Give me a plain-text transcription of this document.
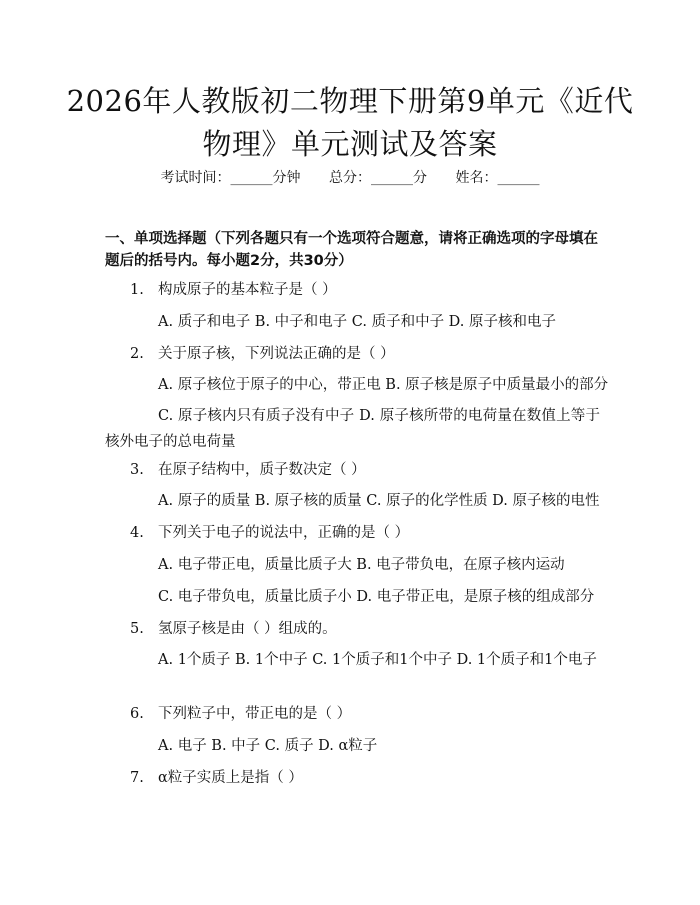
2026年人教版初二物理下册第9单元《近代
物理》单元测试及答案
考试时间：______分钟 总分：______分 姓名：______

一、单项选择题（下列各题只有一个选项符合题意，请将正确选项的字母填在题后的括号内。每小题2分，共30分）

1. 构成原子的基本粒子是（ ）
A. 质子和电子 B. 中子和电子 C. 质子和中子 D. 原子核和电子
2. 关于原子核，下列说法正确的是（ ）
A. 原子核位于原子的中心，带正电 B. 原子核是原子中质量最小的部分

C. 原子核内只有质子没有中子 D. 原子核所带的电荷量在数值上等于核外电子的总电荷量

3. 在原子结构中，质子数决定（ ）
A. 原子的质量 B. 原子核的质量 C. 原子的化学性质 D. 原子核的电性
4. 下列关于电子的说法中，正确的是（ ）
A. 电子带正电，质量比质子大 B. 电子带负电，在原子核内运动
C. 电子带负电，质量比质子小 D. 电子带正电，是原子核的组成部分
5. 氢原子核是由（ ）组成的。

A. 1个质子 B. 1个中子 C. 1个质子和1个中子 D. 1个质子和1个电子

6. 下列粒子中，带正电的是（ ）
A. 电子 B. 中子 C. 质子 D. α粒子
7. α粒子实质上是指（ ）
